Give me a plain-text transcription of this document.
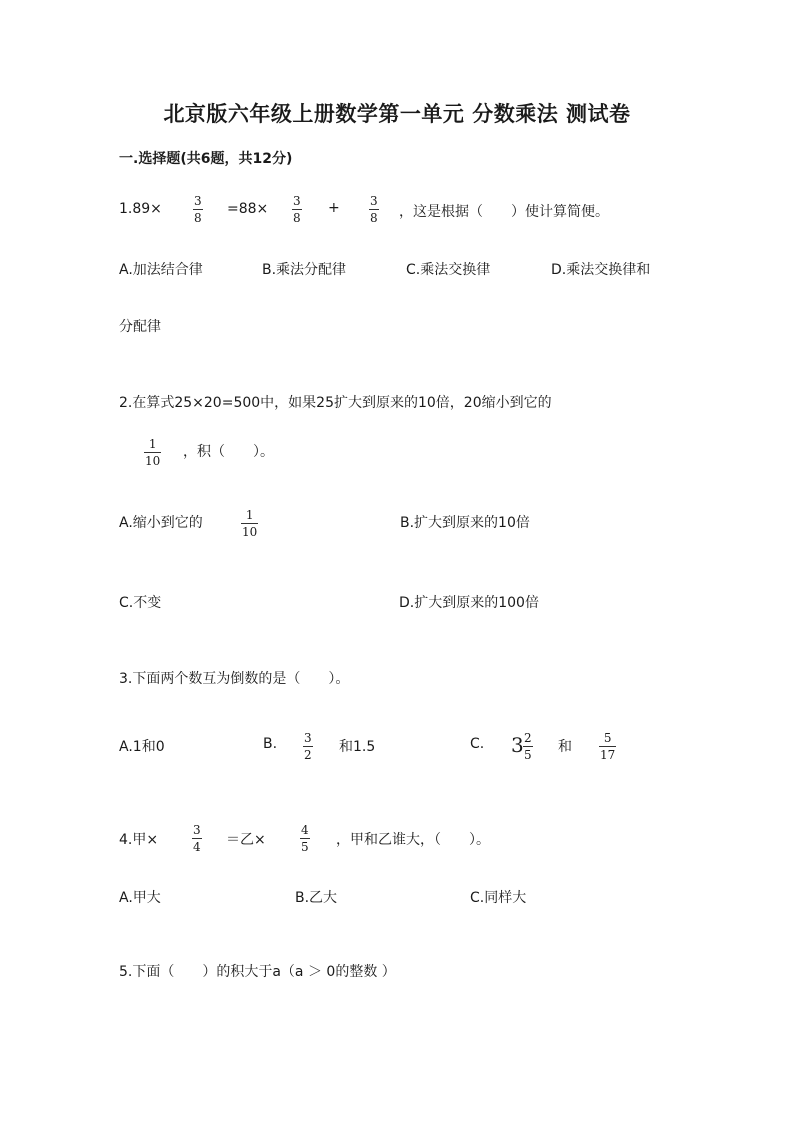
北京版六年级上册数学第一单元 分数乘法 测试卷
一.选择题(共6题，共12分)
1.89×	3
8
=88× 3
8
+	3
8 ，这是根据（　　）使计算简便。
A.加法结合律	B.乘法分配律	C.乘法交换律	D.乘法交换律和
分配律
2.在算式25×20=500中，如果25扩大到原来的10倍，20缩小到它的
1
10
，积（　　）。
A.缩小到它的	1
10
B.扩大到原来的10倍
C.不变	D.扩大到原来的100倍
3.下面两个数互为倒数的是（　　）。
A.1和0	B. 3
2 和1.5	C. 3 2
5 和
5
17
4.甲×
3
4 ＝乙×
4
5 ，甲和乙谁大，（　　）。
A.甲大	B.乙大	C.同样大
5.下面（　　）的积大于a（a ＞ 0的整数 ）
